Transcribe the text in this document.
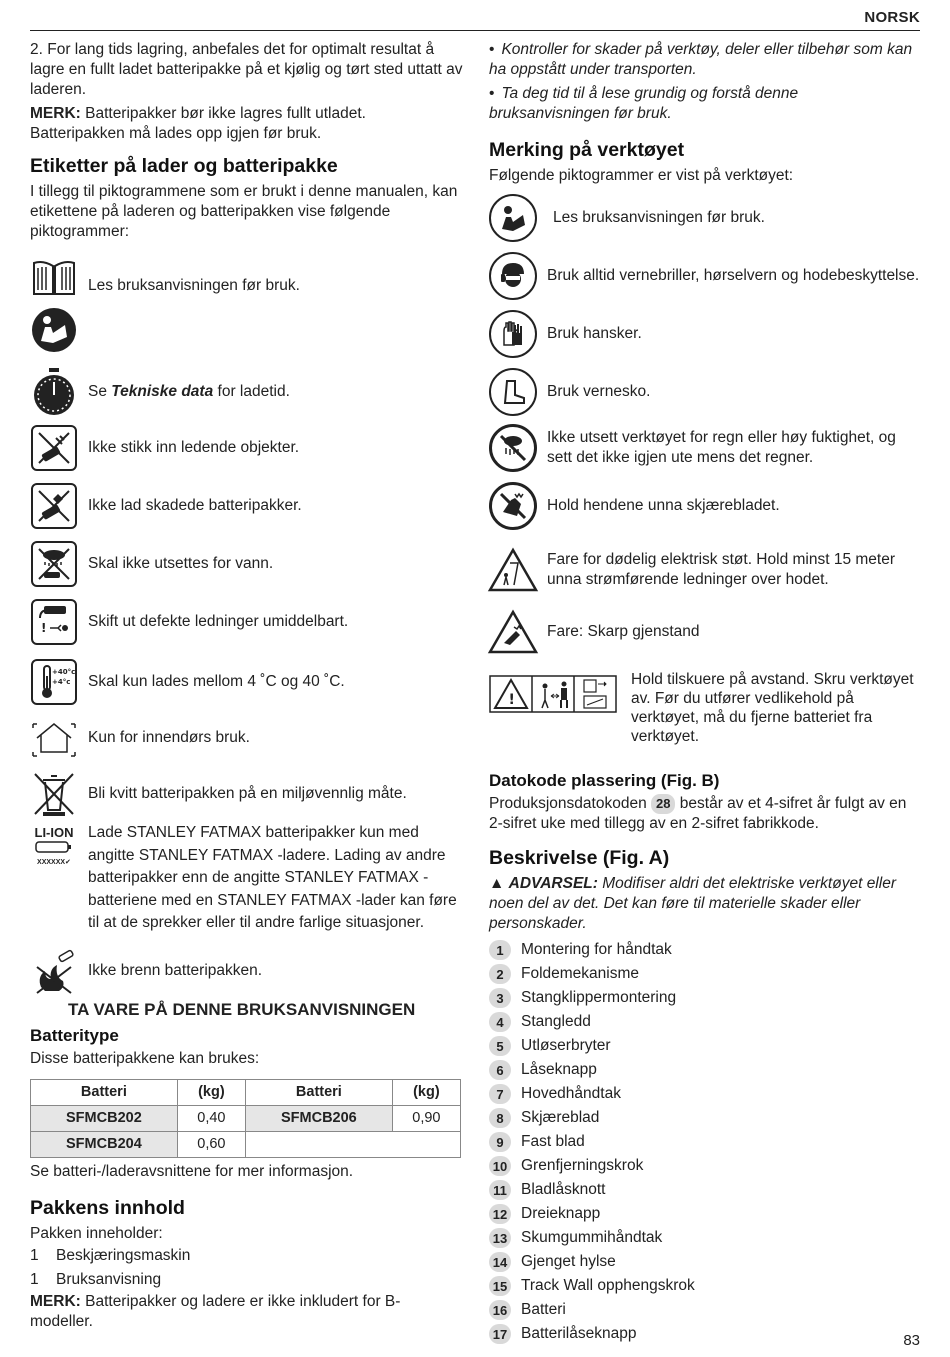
NORSK

2. For lang tids lagring, anbefales det for optimalt resultat å lagre en fullt ladet batteripakke på et kjølig og tørt sted uttatt av laderen.

MERK: Batteripakker bør ikke lagres fullt utladet. Batteripakken må lades opp igjen før bruk.

Etiketter på lader og batteripakke

I tillegg til piktogrammene som er brukt i denne manualen, kan etikettene på laderen og batteripakken vise følgende piktogrammer:

Les bruksanvisningen før bruk.
Se Tekniske data for ladetid.
Ikke stikk inn ledende objekter.
Ikke lad skadede batteripakker.
Skal ikke utsettes for vann.
!	Skift ut defekte ledninger umiddelbart.
+40°c
+4°c Skal kun lades mellom 4 ˚C og 40 ˚C.
Kun for innendørs bruk.
Bli kvitt batteripakken på en miljøvennlig måte.
LI-ION
XXXXXX✔
Lade STANLEY FATMAX batteripakker kun med angitte STANLEY FATMAX -ladere. Lading av andre batteripakker enn de angitte STANLEY FATMAX -batteriene med en STANLEY FATMAX -lader kan føre til at de sprekker eller til andre farlige situasjoner.
Ikke brenn batteripakken.
TA VARE PÅ DENNE BRUKSANVISNINGEN
Batteritype

Disse batteripakkene kan brukes:

Batteri	(kg)	Batteri	(kg)
SFMCB202	0,40	SFMCB206	0,90
SFMCB204	0,60		

Se batteri-/laderavsnittene for mer informasjon.

Pakkens innhold

Pakken inneholder:

1 Beskjæringsmaskin
1 Bruksanvisning

MERK: Batteripakker og ladere er ikke inkludert for B-modeller.

• Kontroller for skader på verktøy, deler eller tilbehør som kan ha oppstått under transporten.
• Ta deg tid til å lese grundig og forstå denne bruksanvisningen før bruk.
Merking på verktøyet

Følgende piktogrammer er vist på verktøyet:

Les bruksanvisningen før bruk.
Bruk alltid vernebriller, hørselvern og hodebeskyttelse.
Bruk hansker.
Bruk vernesko.
Ikke utsett verktøyet for regn eller høy fuktighet, og sett det ikke igjen ute mens det regner.
Hold hendene unna skjærebladet.
Fare for dødelig elektrisk støt. Hold minst 15 meter unna strømførende ledninger over hodet.
Fare: Skarp gjenstand
!
Hold tilskuere på avstand. Skru verktøyet av. Før du utfører vedlikehold på verktøyet, må du fjerne batteriet fra verktøyet.
Datokode plassering (Fig. B)

Produksjonsdatokoden 28 består av et 4-sifret år fulgt av en 2-sifret uke med tillegg av en 2-sifret fabrikkode.

Beskrivelse (Fig. A)
▲ ADVARSEL: Modifiser aldri det elektriske verktøyet eller noen del av det. Det kan føre til materielle skader eller personskader.
1	Montering for håndtak
2	Foldemekanisme
3	Stangklippermontering
4	Stangledd
5	Utløserbryter
6	Låseknapp
7	Hovedhåndtak
8	Skjæreblad
9	Fast blad
10 Grenfjerningskrok
11 Bladlåsknott
12 Dreieknapp
13 Skumgummihåndtak
14 Gjenget hylse
15 Track Wall opphengskrok
16 Batteri
17 Batterilåseknapp	83
